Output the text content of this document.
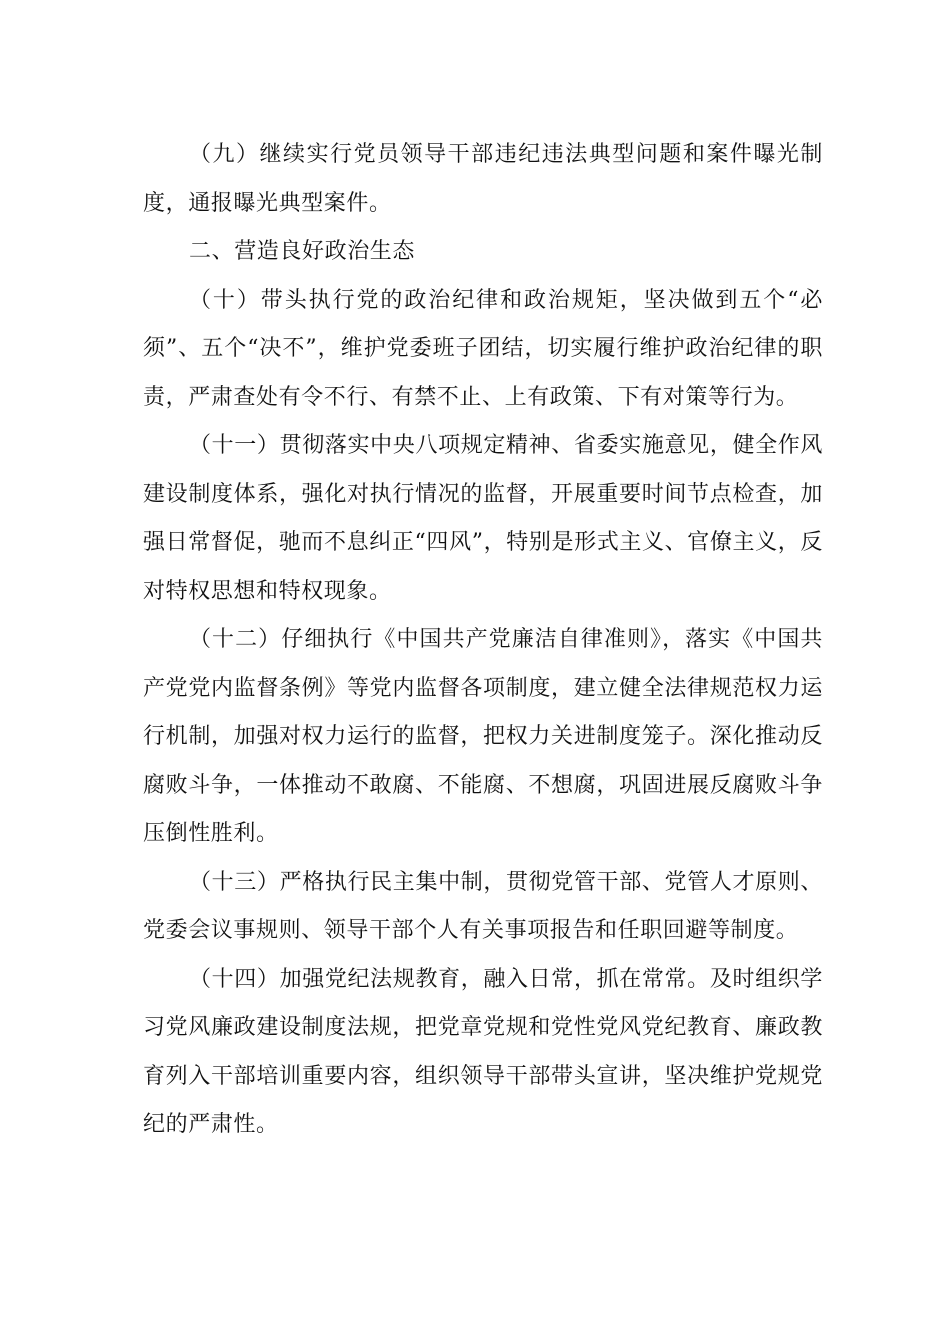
（九）继续实行党员领导干部违纪违法典型问题和案件曝光制度，通报曝光典型案件。

二、营造良好政治生态

（十）带头执行党的政治纪律和政治规矩，坚决做到五个“必须”、五个“决不”，维护党委班子团结，切实履行维护政治纪律的职责，严肃查处有令不行、有禁不止、上有政策、下有对策等行为。

（十一）贯彻落实中央八项规定精神、省委实施意见，健全作风建设制度体系，强化对执行情况的监督，开展重要时间节点检查，加强日常督促，驰而不息纠正“四风”，特别是形式主义、官僚主义，反对特权思想和特权现象。

（十二）仔细执行《中国共产党廉洁自律准则》，落实《中国共产党党内监督条例》等党内监督各项制度，建立健全法律规范权力运行机制，加强对权力运行的监督，把权力关进制度笼子。深化推动反腐败斗争，一体推动不敢腐、不能腐、不想腐，巩固进展反腐败斗争压倒性胜利。

（十三）严格执行民主集中制，贯彻党管干部、党管人才原则、党委会议事规则、领导干部个人有关事项报告和任职回避等制度。

（十四）加强党纪法规教育，融入日常，抓在常常。及时组织学习党风廉政建设制度法规，把党章党规和党性党风党纪教育、廉政教育列入干部培训重要内容，组织领导干部带头宣讲，坚决维护党规党纪的严肃性。
